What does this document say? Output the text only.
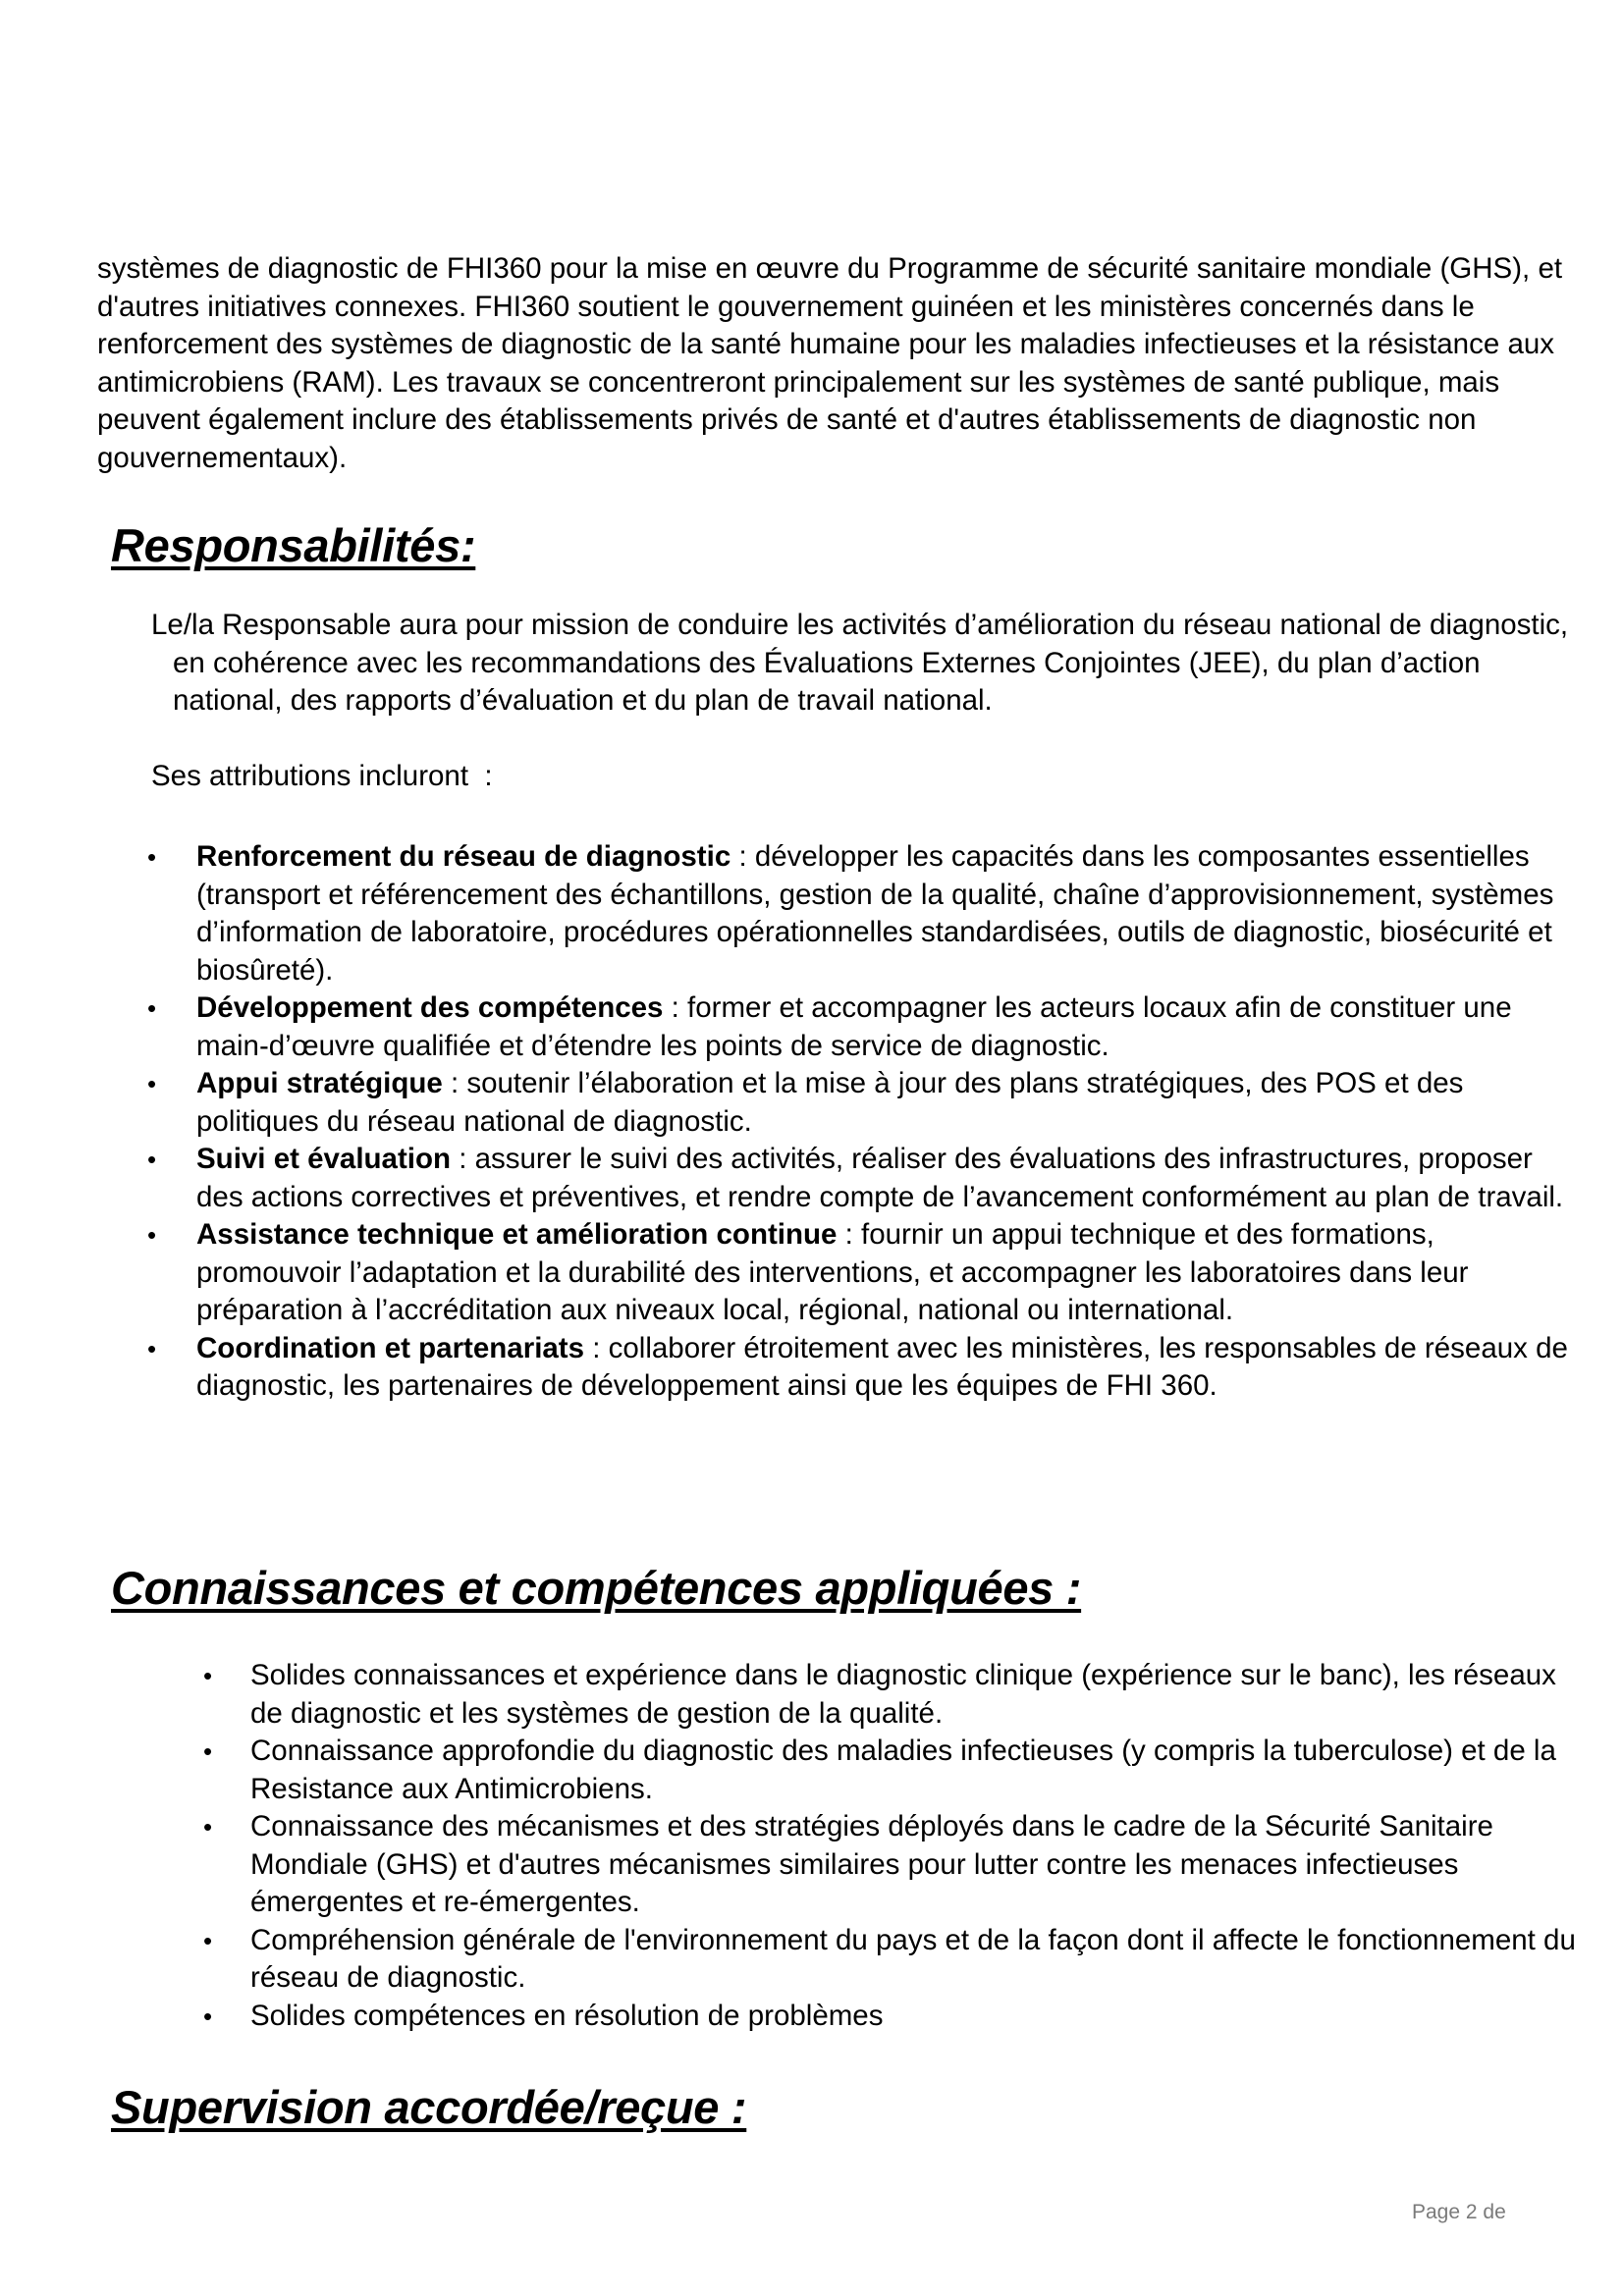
systèmes de diagnostic de FHI360 pour la mise en œuvre du Programme de sécurité sanitaire mondiale (GHS), et d'autres initiatives connexes. FHI360 soutient le gouvernement guinéen et les ministères concernés dans le renforcement des systèmes de diagnostic de la santé humaine pour les maladies infectieuses et la résistance aux antimicrobiens (RAM). Les travaux se concentreront principalement sur les systèmes de santé publique, mais peuvent également inclure des établissements privés de santé et d'autres établissements de diagnostic non gouvernementaux).

Responsabilités:

Le/la Responsable aura pour mission de conduire les activités d’amélioration du réseau national de diagnostic, en cohérence avec les recommandations des Évaluations Externes Conjointes (JEE), du plan d’action national, des rapports d’évaluation et du plan de travail national.

Ses attributions incluront  :

• Renforcement du réseau de diagnostic : développer les capacités dans les composantes essentielles (transport et référencement des échantillons, gestion de la qualité, chaîne d’approvisionnement, systèmes d’information de laboratoire, procédures opérationnelles standardisées, outils de diagnostic, biosécurité et biosûreté).
• Développement des compétences : former et accompagner les acteurs locaux afin de constituer une main-d’œuvre qualifiée et d’étendre les points de service de diagnostic.
• Appui stratégique : soutenir l’élaboration et la mise à jour des plans stratégiques, des POS et des politiques du réseau national de diagnostic.
• Suivi et évaluation : assurer le suivi des activités, réaliser des évaluations des infrastructures, proposer des actions correctives et préventives, et rendre compte de l’avancement conformément au plan de travail.
• Assistance technique et amélioration continue : fournir un appui technique et des formations, promouvoir l’adaptation et la durabilité des interventions, et accompagner les laboratoires dans leur préparation à l’accréditation aux niveaux local, régional, national ou international.
• Coordination et partenariats : collaborer étroitement avec les ministères, les responsables de réseaux de diagnostic, les partenaires de développement ainsi que les équipes de FHI 360.
Connaissances et compétences appliquées :
• Solides connaissances et expérience dans le diagnostic clinique (expérience sur le banc), les réseaux de diagnostic et les systèmes de gestion de la qualité.
• Connaissance approfondie du diagnostic des maladies infectieuses (y compris la tuberculose) et de la Resistance aux Antimicrobiens.
• Connaissance des mécanismes et des stratégies déployés dans le cadre de la Sécurité Sanitaire Mondiale (GHS) et d'autres mécanismes similaires pour lutter contre les menaces infectieuses émergentes et re-émergentes.
• Compréhension générale de l'environnement du pays et de la façon dont il affecte le fonctionnement du réseau de diagnostic.
• Solides compétences en résolution de problèmes
Supervision accordée/reçue :

Page 2 de
